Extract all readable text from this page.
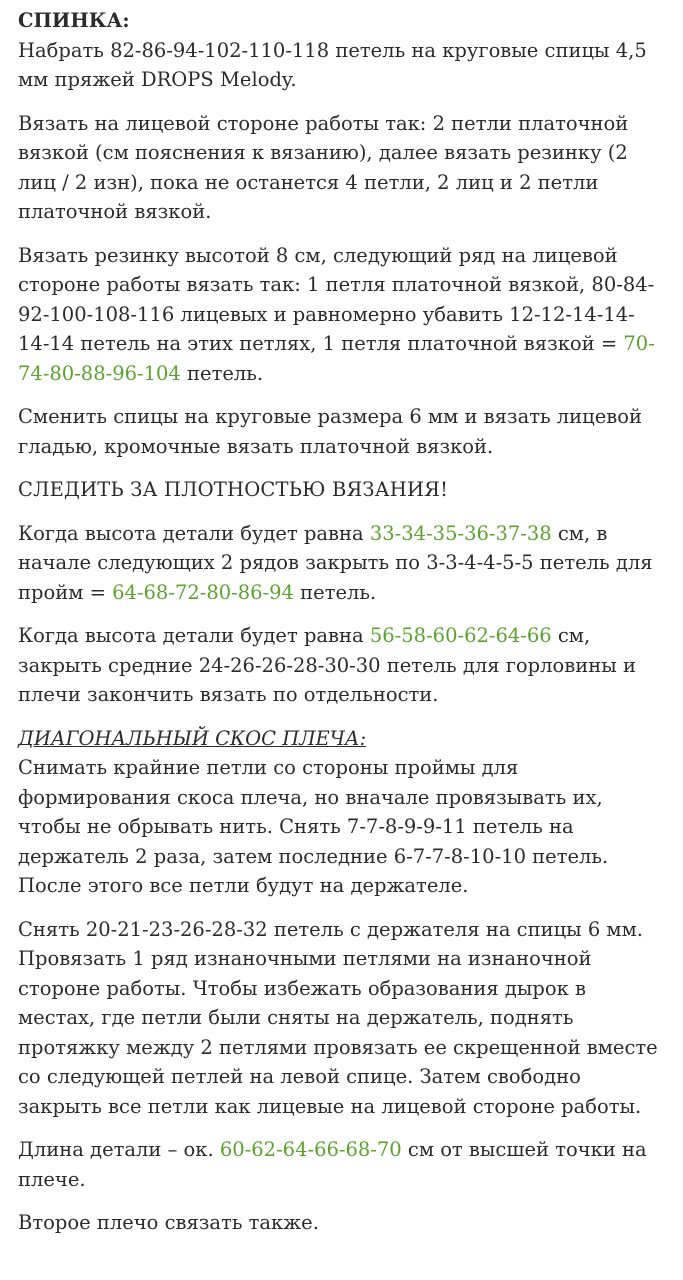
СПИНКА:
Набрать 82-86-94-102-110-118 петель на круговые спицы 4,5 мм пряжей DROPS Melody.

Вязать на лицевой стороне работы так: 2 петли платочной вязкой (см пояснения к вязанию), далее вязать резинку (2 лиц / 2 изн), пока не останется 4 петли, 2 лиц и 2 петли платочной вязкой.

Вязать резинку высотой 8 см, следующий ряд на лицевой стороне работы вязать так: 1 петля платочной вязкой, 80-84-92-100-108-116 лицевых и равномерно убавить 12-12-14-14-14-14 петель на этих петлях, 1 петля платочной вязкой = 70-74-80-88-96-104 петель.

Сменить спицы на круговые размера 6 мм и вязать лицевой гладью, кромочные вязать платочной вязкой.

СЛЕДИТЬ ЗА ПЛОТНОСТЬЮ ВЯЗАНИЯ!

Когда высота детали будет равна 33-34-35-36-37-38 см, в начале следующих 2 рядов закрыть по 3-3-4-4-5-5 петель для пройм = 64-68-72-80-86-94 петель.

Когда высота детали будет равна 56-58-60-62-64-66 см, закрыть средние 24-26-26-28-30-30 петель для горловины и плечи закончить вязать по отдельности.

ДИАГОНАЛЬНЫЙ СКОС ПЛЕЧА:
Снимать крайние петли со стороны проймы для формирования скоса плеча, но вначале провязывать их, чтобы не обрывать нить. Снять 7-7-8-9-9-11 петель на держатель 2 раза, затем последние 6-7-7-8-10-10 петель. После этого все петли будут на держателе.

Снять 20-21-23-26-28-32 петель с держателя на спицы 6 мм. Провязать 1 ряд изнаночными петлями на изнаночной стороне работы. Чтобы избежать образования дырок в местах, где петли были сняты на держатель, поднять протяжку между 2 петлями провязать ее скрещенной вместе со следующей петлей на левой спице. Затем свободно закрыть все петли как лицевые на лицевой стороне работы.

Длина детали – ок. 60-62-64-66-68-70 см от высшей точки на плече.

Второе плечо связать также.
